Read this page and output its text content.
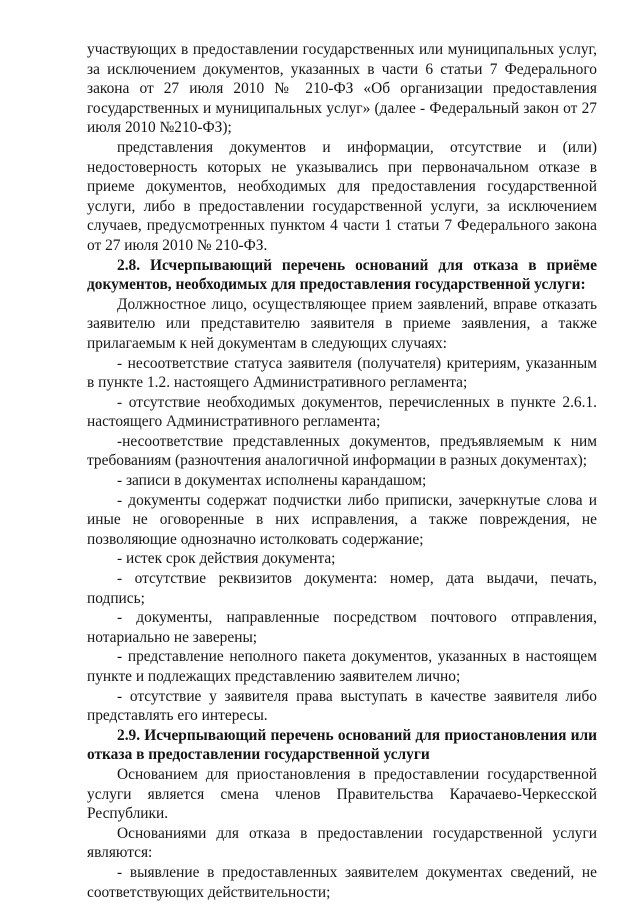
участвующих в предоставлении государственных или муниципальных услуг, за исключением документов, указанных в части 6 статьи 7 Федерального закона от 27 июля 2010 № 210-ФЗ «Об организации предоставления государственных и муниципальных услуг» (далее - Федеральный закон от 27 июля 2010 №210-ФЗ);

представления документов и информации, отсутствие и (или) недостоверность которых не указывались при первоначальном отказе в приеме документов, необходимых для предоставления государственной услуги, либо в предоставлении государственной услуги, за исключением случаев, предусмотренных пунктом 4 части 1 статьи 7 Федерального закона от 27 июля 2010 № 210-ФЗ.

2.8. Исчерпывающий перечень оснований для отказа в приёме документов, необходимых для предоставления государственной услуги:

Должностное лицо, осуществляющее прием заявлений, вправе отказать заявителю или представителю заявителя в приеме заявления, а также прилагаемым к ней документам в следующих случаях:

- несоответствие статуса заявителя (получателя) критериям, указанным в пункте 1.2. настоящего Административного регламента;

- отсутствие необходимых документов, перечисленных в пункте 2.6.1. настоящего Административного регламента;

-несоответствие представленных документов, предъявляемым к ним требованиям (разночтения аналогичной информации в разных документах);

- записи в документах исполнены карандашом;

- документы содержат подчистки либо приписки, зачеркнутые слова и иные не оговоренные в них исправления, а также повреждения, не позволяющие однозначно истолковать содержание;

- истек срок действия документа;

- отсутствие реквизитов документа: номер, дата выдачи, печать, подпись;

- документы, направленные посредством почтового отправления, нотариально не заверены;

- представление неполного пакета документов, указанных в настоящем пункте и подлежащих представлению заявителем лично;

- отсутствие у заявителя права выступать в качестве заявителя либо представлять его интересы.

2.9. Исчерпывающий перечень оснований для приостановления или отказа в предоставлении государственной услуги

Основанием для приостановления в предоставлении государственной услуги является смена членов Правительства Карачаево-Черкесской Республики.

Основаниями для отказа в предоставлении государственной услуги являются:

- выявление в предоставленных заявителем документах сведений, не соответствующих действительности;
